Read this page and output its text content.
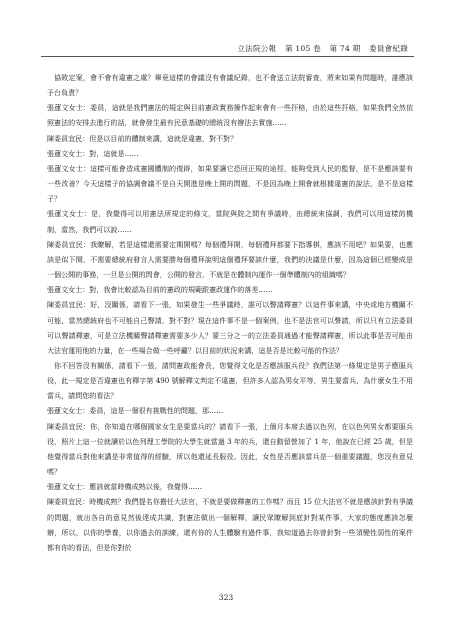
立法院公報 第 105 卷 第 74 期 委員會紀錄

協敗定案，會不會有違憲之虞？畢竟這樣的會議沒有會議紀錄，也不會送立法院審查，將來如果有問題時，誰應該予台負責？

張蓮文女士：委員，這就是我們憲法的規定與目前憲政實務操作起來會有一些扞格，由於這些扞格，如果我們全然依照憲法的安排去進行的話，就會發生最有民意基礎的總統沒有辦法去實施……

陳委員宜民：但是以目前的體制來講，這就是違憲，對不對？

張蓮文女士：對，這就是……

張蓮文女士：這樣可能會造成憲國體制的復辟，如果要讓它恐回正規的途徑，能夠受到人民的監督，是不是應該要有一些改善？今天這樣子的協調會議不是自天開進是晚上開的問題，不是因為晚上開會就根據違憲的說法，是不是這樣子？

張蓮文女士：是，我覺得可以用憲法所規定的條文，當院與院之間有爭議時，由總統來協調，我們可以用這樣的機制，當然，我們可以說……

陳委員宜民：我瞭解，若是這樣還需要定期開嗎？每個禮拜開，每個禮拜都要下指導棋，應該不用吧？如果要，也應該是似下開，不需要總統府發言人需要勝每個禮拜說明這個禮拜要談什麼，我們的決議是什麼，因為這個已經變成是一個公開的事務，一旦是公開的問會，公開的發言，不就是在體制內運作一個準體制內的組織嗎？

張蓮文女士：對，我會比較認為目前的憲政的規範跟憲政運作的落差……

陳委員宜民：好，沒關係，請看下一張，如果發生一些爭議時，誰可以聲請釋憲？以這件事來講，中央或地方機關不可能，當然總統府也不可能自己聲請，對不對？現在這件事不是一個案例，也不是法官可以聲請，所以只有立法委員可以聲請釋憲，可是立法機關聲請釋憲需要多少人？要三分之一的立法委員通過才能聲請釋憲，所以此事是否可能由大法官運用他的力量，在一些場合做一些呼籲？以目前的狀況來講，這是否是比較可能的作法？

你不回答沒有關係，請看下一張，請問憲政能會長，您覺得文化是否應該服兵役？我們法第一條規定是男子應服兵役，此一規定是否違憲也有釋字第 490 號解釋文判定不違憲，但許多人認為男女平等，男生要當兵，為什麼女生不用當兵，請問您的看法？

張蓮文女士：委員，這是一個很有挑戰性的問題，那……

陳委員宜民：你，你知道在哪個國家女生是要當兵的？請看下一張，上個月本席去過以色列，在以色列男女都要服兵役，照片上這一位就讀於以色列理工學院的大學生就當過 3 年的兵，還自動留營加了 1 年，他說在已經 25 歲，但是他覺得當兵對他來講是非常值得的經驗，所以他還延長服役。因此，女性是否應該當兵是一個重要議題，您沒有意見嗎？

張蓮文女士：應該就當時機成熟以後，我覺得……

陳委員宜民：時機成熟？我們提名你擔任大法官，不就是要做釋憲的工作嗎？而且 15 位大法官不就是應該針對有爭議的問題，就出各自的意見然後達成共識，對憲法做出一個解釋，讓民眾瞭解到底針對某件事，大家的態度應該怎麼辦，所以，以你的學養，以你過去的訓練，還有你的人生體驗有過件事，我知道過去你曾針對一些須變性弱性的案件都有你的看法，但是你對於

323
